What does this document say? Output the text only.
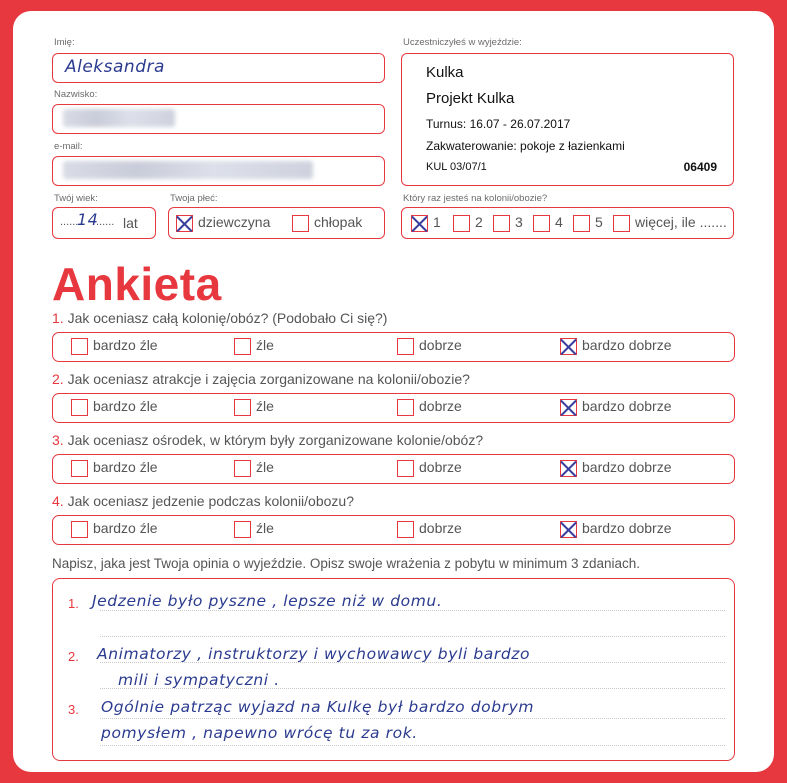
Imię:
Aleksandra
Nazwisko:
e-mail:
Twój wiek:
......
14
...... lat
Twoja płeć:
dziewczyna	chłopak
Uczestniczyłeś w wyjeździe:
Kulka
Projekt Kulka
Turnus: 16.07 - 26.07.2017
Zakwaterowanie: pokoje z łazienkami
KUL 03/07/1	06409
Który raz jesteś na kolonii/obozie?
1	2	3	4	5	więcej, ile .......
Ankieta
1. Jak oceniasz całą kolonię/obóz? (Podobało Ci się?)
bardzo źle	źle	dobrze	bardzo dobrze
2. Jak oceniasz atrakcje i zajęcia zorganizowane na kolonii/obozie?
bardzo źle	źle	dobrze	bardzo dobrze
3. Jak oceniasz ośrodek, w którym były zorganizowane kolonie/obóz?
bardzo źle	źle	dobrze	bardzo dobrze
4. Jak oceniasz jedzenie podczas kolonii/obozu?
bardzo źle	źle	dobrze	bardzo dobrze
Napisz, jaka jest Twoja opinia o wyjeździe. Opisz swoje wrażenia z pobytu w minimum 3 zdaniach.
1.
2.
3.
Jedzenie było pyszne , lepsze niż w domu.
Animatorzy , instruktorzy i wychowawcy byli bardzo
mili i sympatyczni .
Ogólnie patrząc wyjazd na Kulkę był bardzo dobrym
pomysłem , napewno wrócę tu za rok.
